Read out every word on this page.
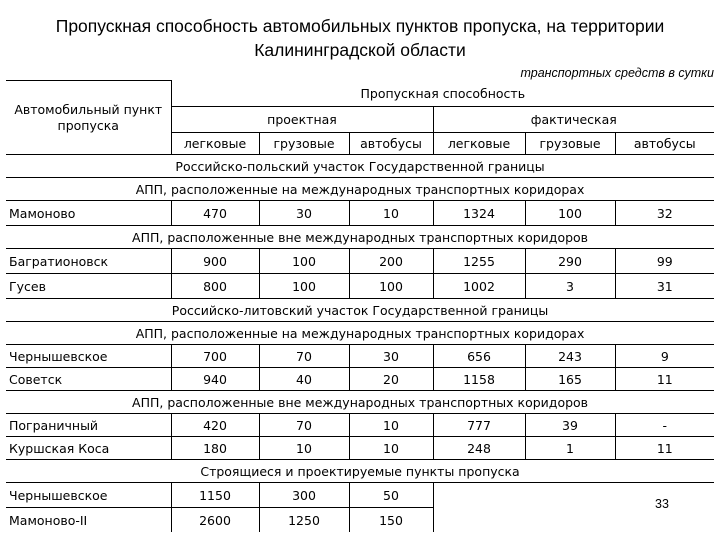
Пропускная способность автомобильных пунктов пропуска, на территории Калининградской области
транспортных средств в сутки
Автомобильный пункт пропуска	Пропускная способность					
	проектная			фактическая		
	легковые	грузовые	автобусы	легковые	грузовые	автобусы
Российско-польский участок Государственной границы						
АПП, расположенные на международных транспортных коридорах						
Мамоново	470	30	10	1324	100	32
АПП, расположенные вне международных транспортных коридоров						
Багратионовск	900	100	200	1255	290	99
Гусев	800	100	100	1002	3	31
Российско-литовский участок Государственной границы						
АПП, расположенные на международных транспортных коридорах						
Чернышевское	700	70	30	656	243	9
Советск	940	40	20	1158	165	11
АПП, расположенные вне международных транспортных коридоров						
Пограничный	420	70	10	777	39	-
Куршская Коса	180	10	10	248	1	11
Строящиеся и проектируемые пункты пропуска						
Чернышевское	1150	300	50			
Мамоново-II	2600	1250	150			
33
